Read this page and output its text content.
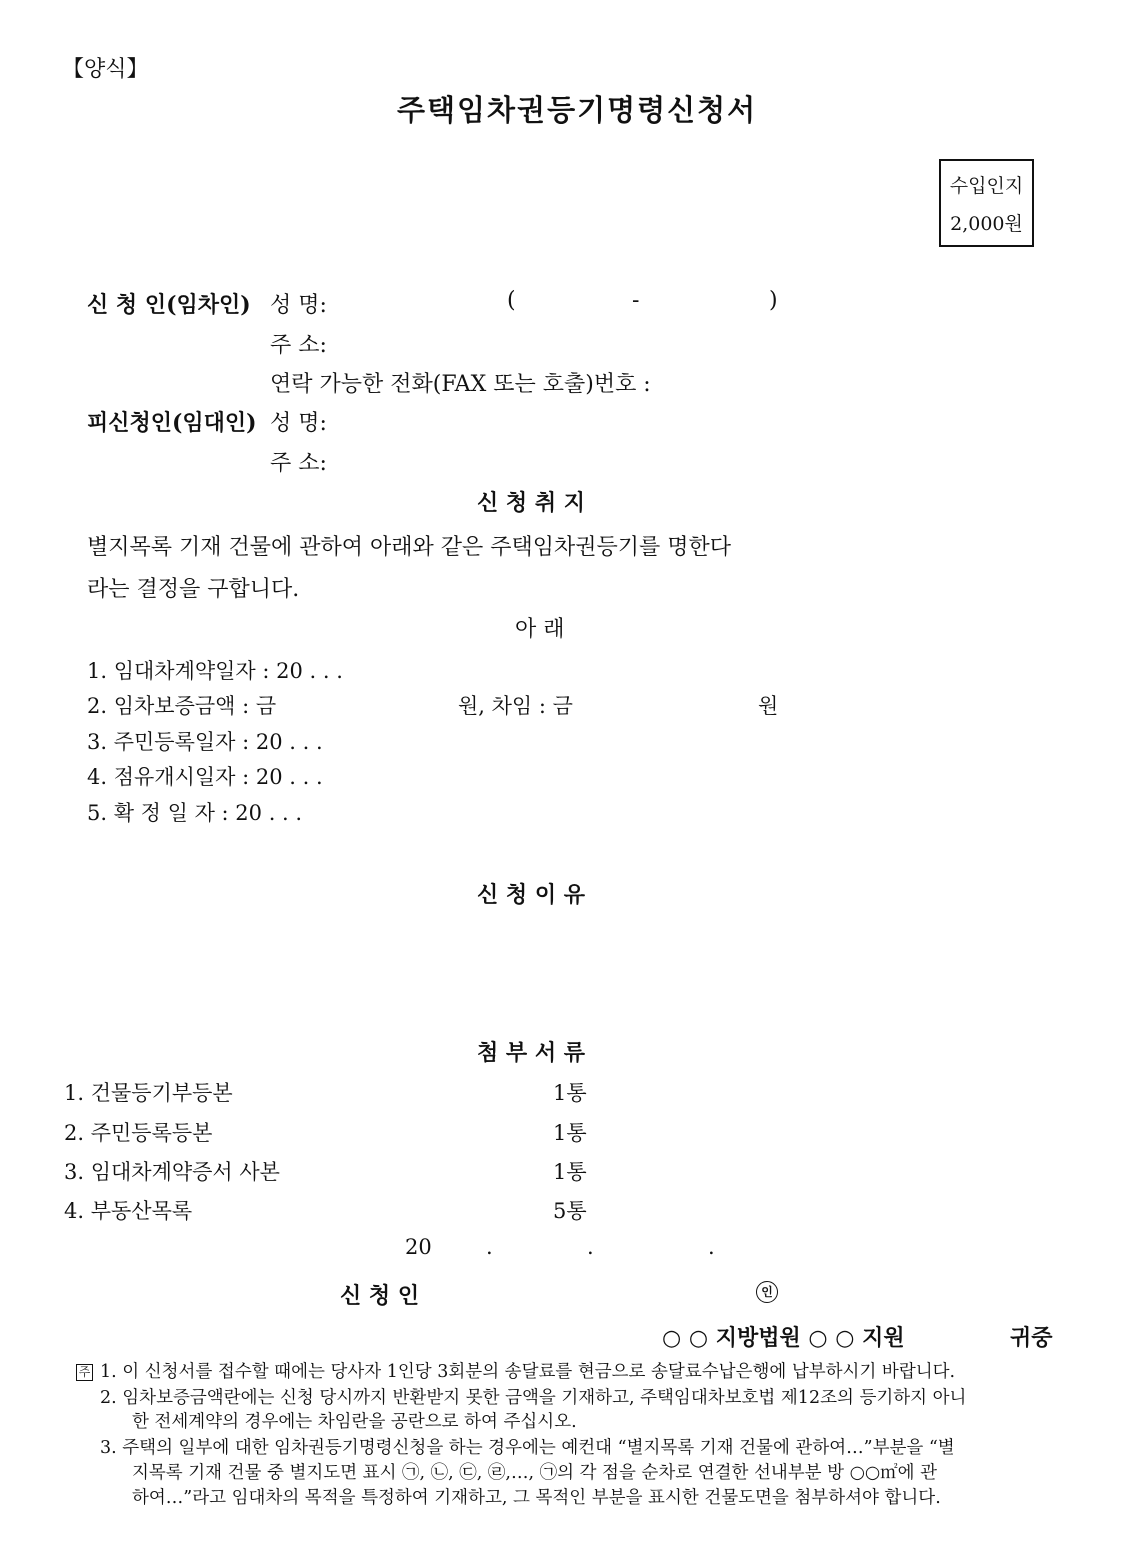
【양식】
주택임차권등기명령신청서
수입인지
2,000원
신 청 인(임차인) 성 명:	(	-	)
주 소:
연락 가능한 전화(FAX 또는 호출)번호 :
피신청인(임대인) 성 명:
주 소:
신 청 취 지
별지목록 기재 건물에 관하여 아래와 같은 주택임차권등기를 명한다
라는 결정을 구합니다.
아 래
1. 임대차계약일자 : 20 . . .
2. 임차보증금액 : 금	원, 차임 : 금	원
3. 주민등록일자 : 20 . . .
4. 점유개시일자 : 20 . . .
5. 확 정 일 자 : 20 . . .
신 청 이 유
첨 부 서 류
1. 건물등기부등본	1통
2. 주민등록등본	1통
3. 임대차계약증서 사본	1통
4. 부동산목록	5통
20	.	.	.
신 청 인	인
○ ○ 지방법원 ○ ○ 지원	귀중
주 1. 이 신청서를 접수할 때에는 당사자 1인당 3회분의 송달료를 현금으로 송달료수납은행에 납부하시기 바랍니다.
2. 임차보증금액란에는 신청 당시까지 반환받지 못한 금액을 기재하고, 주택임대차보호법 제12조의 등기하지 아니
한 전세계약의 경우에는 차임란을 공란으로 하여 주십시오.
3. 주택의 일부에 대한 임차권등기명령신청을 하는 경우에는 예컨대 “별지목록 기재 건물에 관하여…”부분을 “별
지목록 기재 건물 중 별지도면 표시 ㉠, ㉡, ㉢, ㉣,…, ㉠의 각 점을 순차로 연결한 선내부분 방 ○○㎡에 관
하여…”라고 임대차의 목적을 특정하여 기재하고, 그 목적인 부분을 표시한 건물도면을 첨부하셔야 합니다.
